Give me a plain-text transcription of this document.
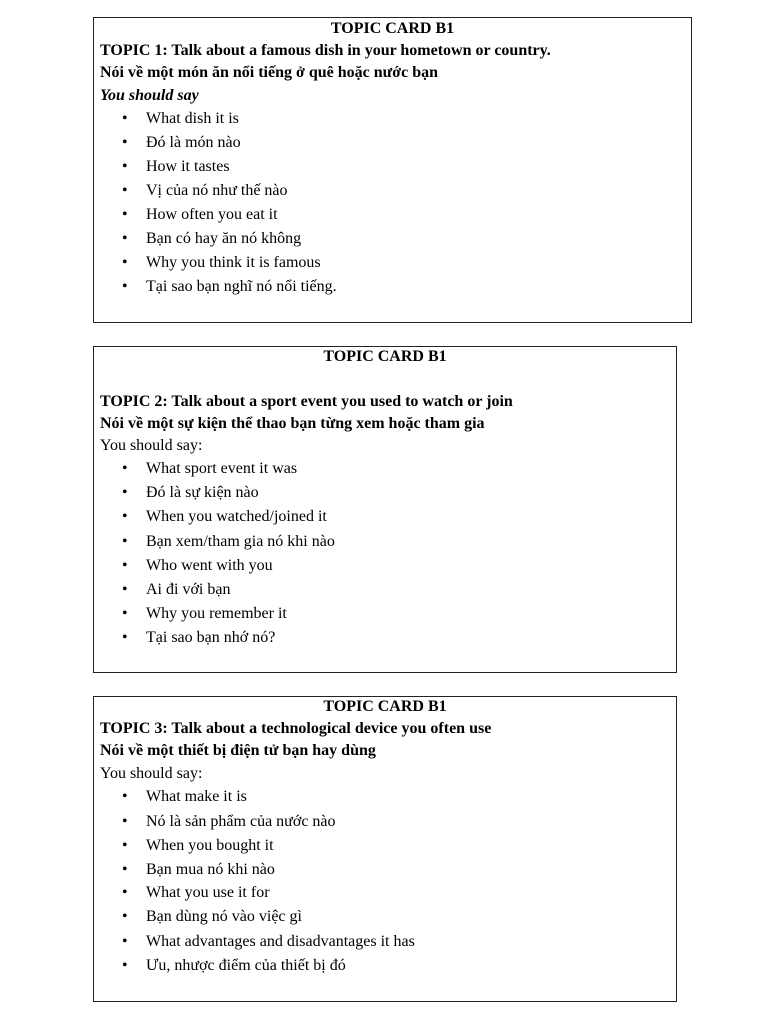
TOPIC CARD B1
TOPIC 1: Talk about a famous dish in your hometown or country.
Nói về một món ăn nổi tiếng ở quê hoặc nước bạn
You should say
• What dish it is
• Đó là món nào
• How it tastes
• Vị của nó như thế nào
• How often you eat it
• Bạn có hay ăn nó không
• Why you think it is famous
• Tại sao bạn nghĩ nó nổi tiếng.
TOPIC CARD B1
TOPIC 2: Talk about a sport event you used to watch or join
Nói về một sự kiện thể thao bạn từng xem hoặc tham gia
You should say:
• What sport event it was
• Đó là sự kiện nào
• When you watched/joined it
• Bạn xem/tham gia nó khi nào
• Who went with you
• Ai đi với bạn
• Why you remember it
• Tại sao bạn nhớ nó?
TOPIC CARD B1
TOPIC 3: Talk about a technological device you often use
Nói về một thiết bị điện tử bạn hay dùng
You should say:
• What make it is
• Nó là sản phẩm của nước nào
• When you bought it
• Bạn mua nó khi nào
• What you use it for
• Bạn dùng nó vào việc gì
• What advantages and disadvantages it has
• Ưu, nhược điểm của thiết bị đó
